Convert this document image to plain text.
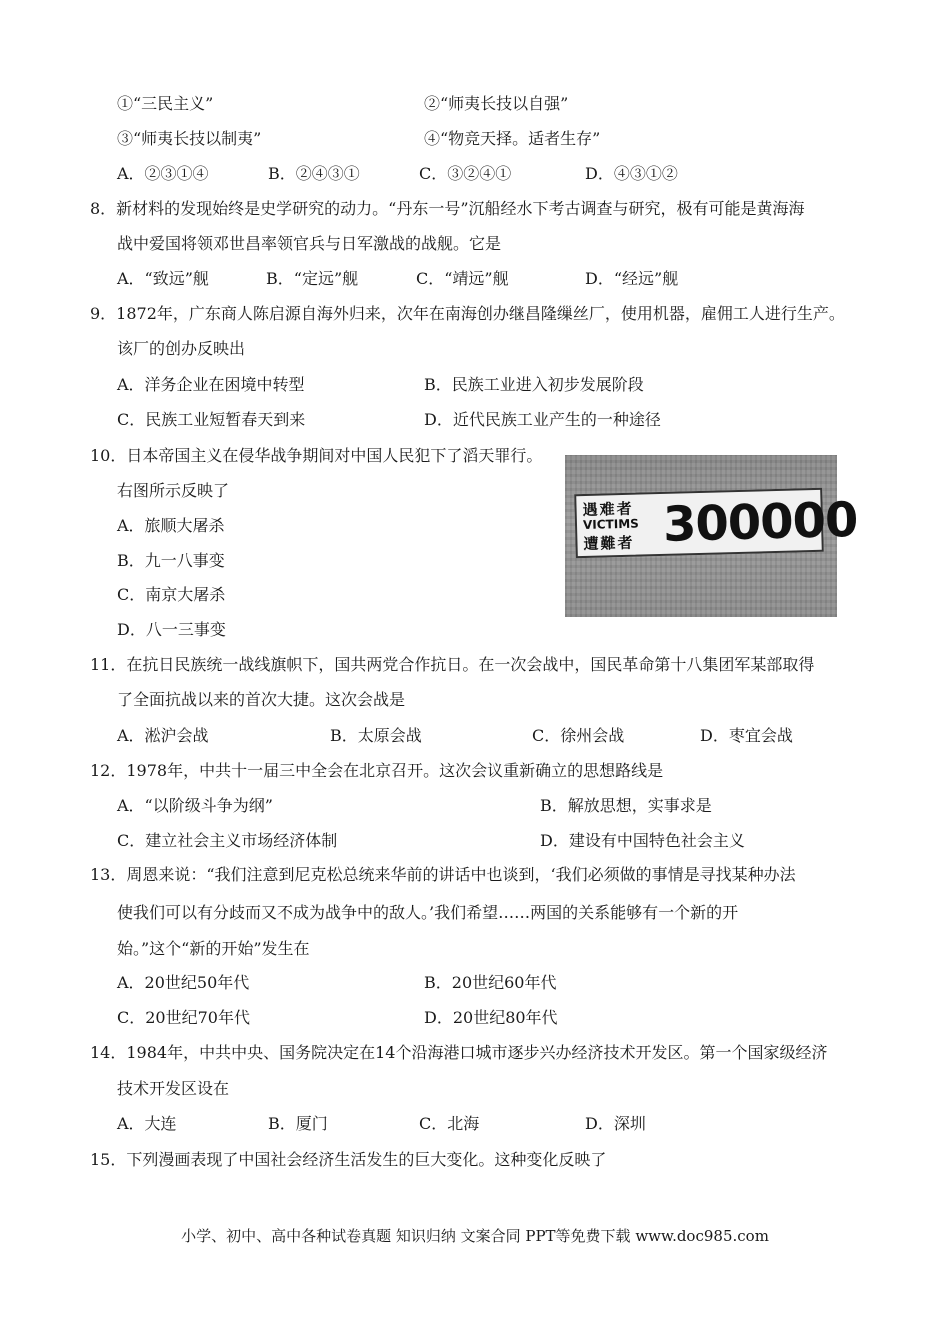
①“三民主义”	②“师夷长技以自强”
③“师夷长技以制夷”	④“物竞天择。适者生存”
A．②③①④	B．②④③①	C．③②④①	D．④③①②
8．新材料的发现始终是史学研究的动力。“丹东一号”沉船经水下考古调查与研究，极有可能是黄海海
战中爱国将领邓世昌率领官兵与日军激战的战舰。它是
A．“致远”舰	B．“定远”舰	C．“靖远”舰	D．“经远”舰
9．1872年，广东商人陈启源自海外归来，次年在南海创办继昌隆缫丝厂，使用机器，雇佣工人进行生产。
该厂的创办反映出
A．洋务企业在困境中转型	B．民族工业进入初步发展阶段
C．民族工业短暂春天到来	D．近代民族工业产生的一种途径
10．日本帝国主义在侵华战争期间对中国人民犯下了滔天罪行。
右图所示反映了
A．旅顺大屠杀
B．九一八事变
C．南京大屠杀
D．八一三事变
遇难者
VICTIMS
遭難者 300000
11．在抗日民族统一战线旗帜下，国共两党合作抗日。在一次会战中，国民革命第十八集团军某部取得
了全面抗战以来的首次大捷。这次会战是
A．淞沪会战	B．太原会战	C．徐州会战	D．枣宜会战
12．1978年，中共十一届三中全会在北京召开。这次会议重新确立的思想路线是
A．“以阶级斗争为纲”	B．解放思想，实事求是
C．建立社会主义市场经济体制	D．建设有中国特色社会主义
13．周恩来说：“我们注意到尼克松总统来华前的讲话中也谈到，‘我们必须做的事情是寻找某种办法
使我们可以有分歧而又不成为战争中的敌人。’我们希望……两国的关系能够有一个新的开
始。”这个“新的开始”发生在
A．20世纪50年代	B．20世纪60年代
C．20世纪70年代	D．20世纪80年代
14．1984年，中共中央、国务院决定在14个沿海港口城市逐步兴办经济技术开发区。第一个国家级经济
技术开发区设在
A．大连	B．厦门	C．北海	D．深圳
15．下列漫画表现了中国社会经济生活发生的巨大变化。这种变化反映了
小学、初中、高中各种试卷真题 知识归纳 文案合同 PPT等免费下载 www.doc985.com
